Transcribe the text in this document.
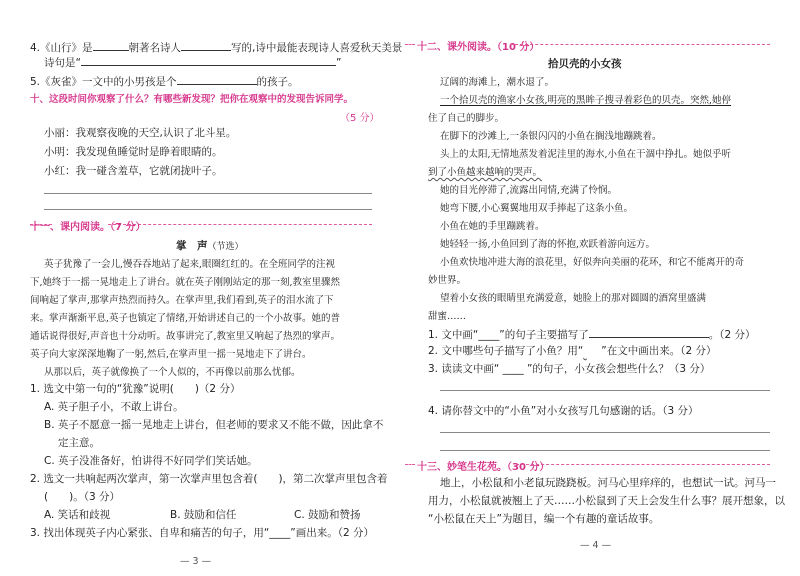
4.《山行》是	朝著名诗人	写的,诗中最能表现诗人喜爱秋天美景
诗句是“	”
5.《灰雀》一文中的小男孩是个	的孩子。
十、这段时间你观察了什么？有哪些新发现？把你在观察中的发现告诉同学。
（5 分）
小丽：我观察夜晚的天空,认识了北斗星。
小明：我发现鱼睡觉时是睁着眼睛的。
小红：我一碰含羞草，它就闭拢叶子。
十一、课内阅读。（7 分）
掌　声（节选）
英子犹豫了一会儿,慢吞吞地站了起来,眼圈红红的。在全班同学的注视
下,她终于一摇一晃地走上了讲台。就在英子刚刚站定的那一刻,教室里骤然
间响起了掌声,那掌声热烈而持久。在掌声里,我们看到,英子的泪水流了下
来。掌声渐渐平息,英子也镇定了情绪,开始讲述自己的一个小故事。她的普
通话说得很好,声音也十分动听。故事讲完了,教室里又响起了热烈的掌声。
英子向大家深深地鞠了一躬,然后,在掌声里一摇一晃地走下了讲台。
从那以后，英子就像换了一个人似的，不再像以前那么忧郁。
1. 选文中第一句的“犹豫”说明(　　)（2 分）
A. 英子胆子小，不敢上讲台。
B. 英子不愿意一摇一晃地走上讲台，但老师的要求又不能不做，因此拿不
定主意。
C. 英子没准备好，怕讲得不好同学们笑话她。
2. 选文一共响起两次掌声，第一次掌声里包含着(　　)，第二次掌声里包含着
(　　)。（3 分）
A. 笑话和歧视	B. 鼓励和信任	C. 鼓励和赞扬
3. 找出体现英子内心紧张、自卑和痛苦的句子，用“____”画出来。（2 分）
— 3 —
十二、课外阅读。（10 分）
拾贝壳的小女孩
辽阔的海滩上，潮水退了。
一个拾贝壳的渔家小女孩,明亮的黑眸子搜寻着彩色的贝壳。突然,她停
住了自己的脚步。
在脚下的沙滩上,一条银闪闪的小鱼在搁浅地蹦跳着。
头上的太阳,无情地蒸发着泥洼里的海水,小鱼在干涸中挣扎。她似乎听
到了小鱼越来越响的哭声。
她的目光停滞了,流露出同情,充满了怜悯。
她弯下腰,小心翼翼地用双手捧起了这条小鱼。
小鱼在她的手里蹦跳着。
她轻轻一扬,小鱼回到了海的怀抱,欢跃着游向远方。
小鱼欢快地冲进大海的浪花里，好似奔向美丽的花环，和它不能离开的奇
妙世界。
望着小女孩的眼睛里充满爱意，她脸上的那对圆圆的酒窝里盛满
甜蜜……
1. 文中画“____”的句子主要描写了	。（2 分）
2. 文中哪些句子描写了小鱼？用“ ”在文中画出来。（2 分）
3. 读读文中画“ ____ ”的句子，小女孩会想些什么？（3 分）
4. 请你替文中的“小鱼”对小女孩写几句感谢的话。（3 分）
十三、妙笔生花苑。（30 分）
地上，小松鼠和小老鼠玩跷跷板。河马心里痒痒的，也想试一试。河马一
用力，小松鼠就被翘上了天……小松鼠到了天上会发生什么事？展开想象，以
“小松鼠在天上”为题目，编一个有趣的童话故事。
— 4 —
